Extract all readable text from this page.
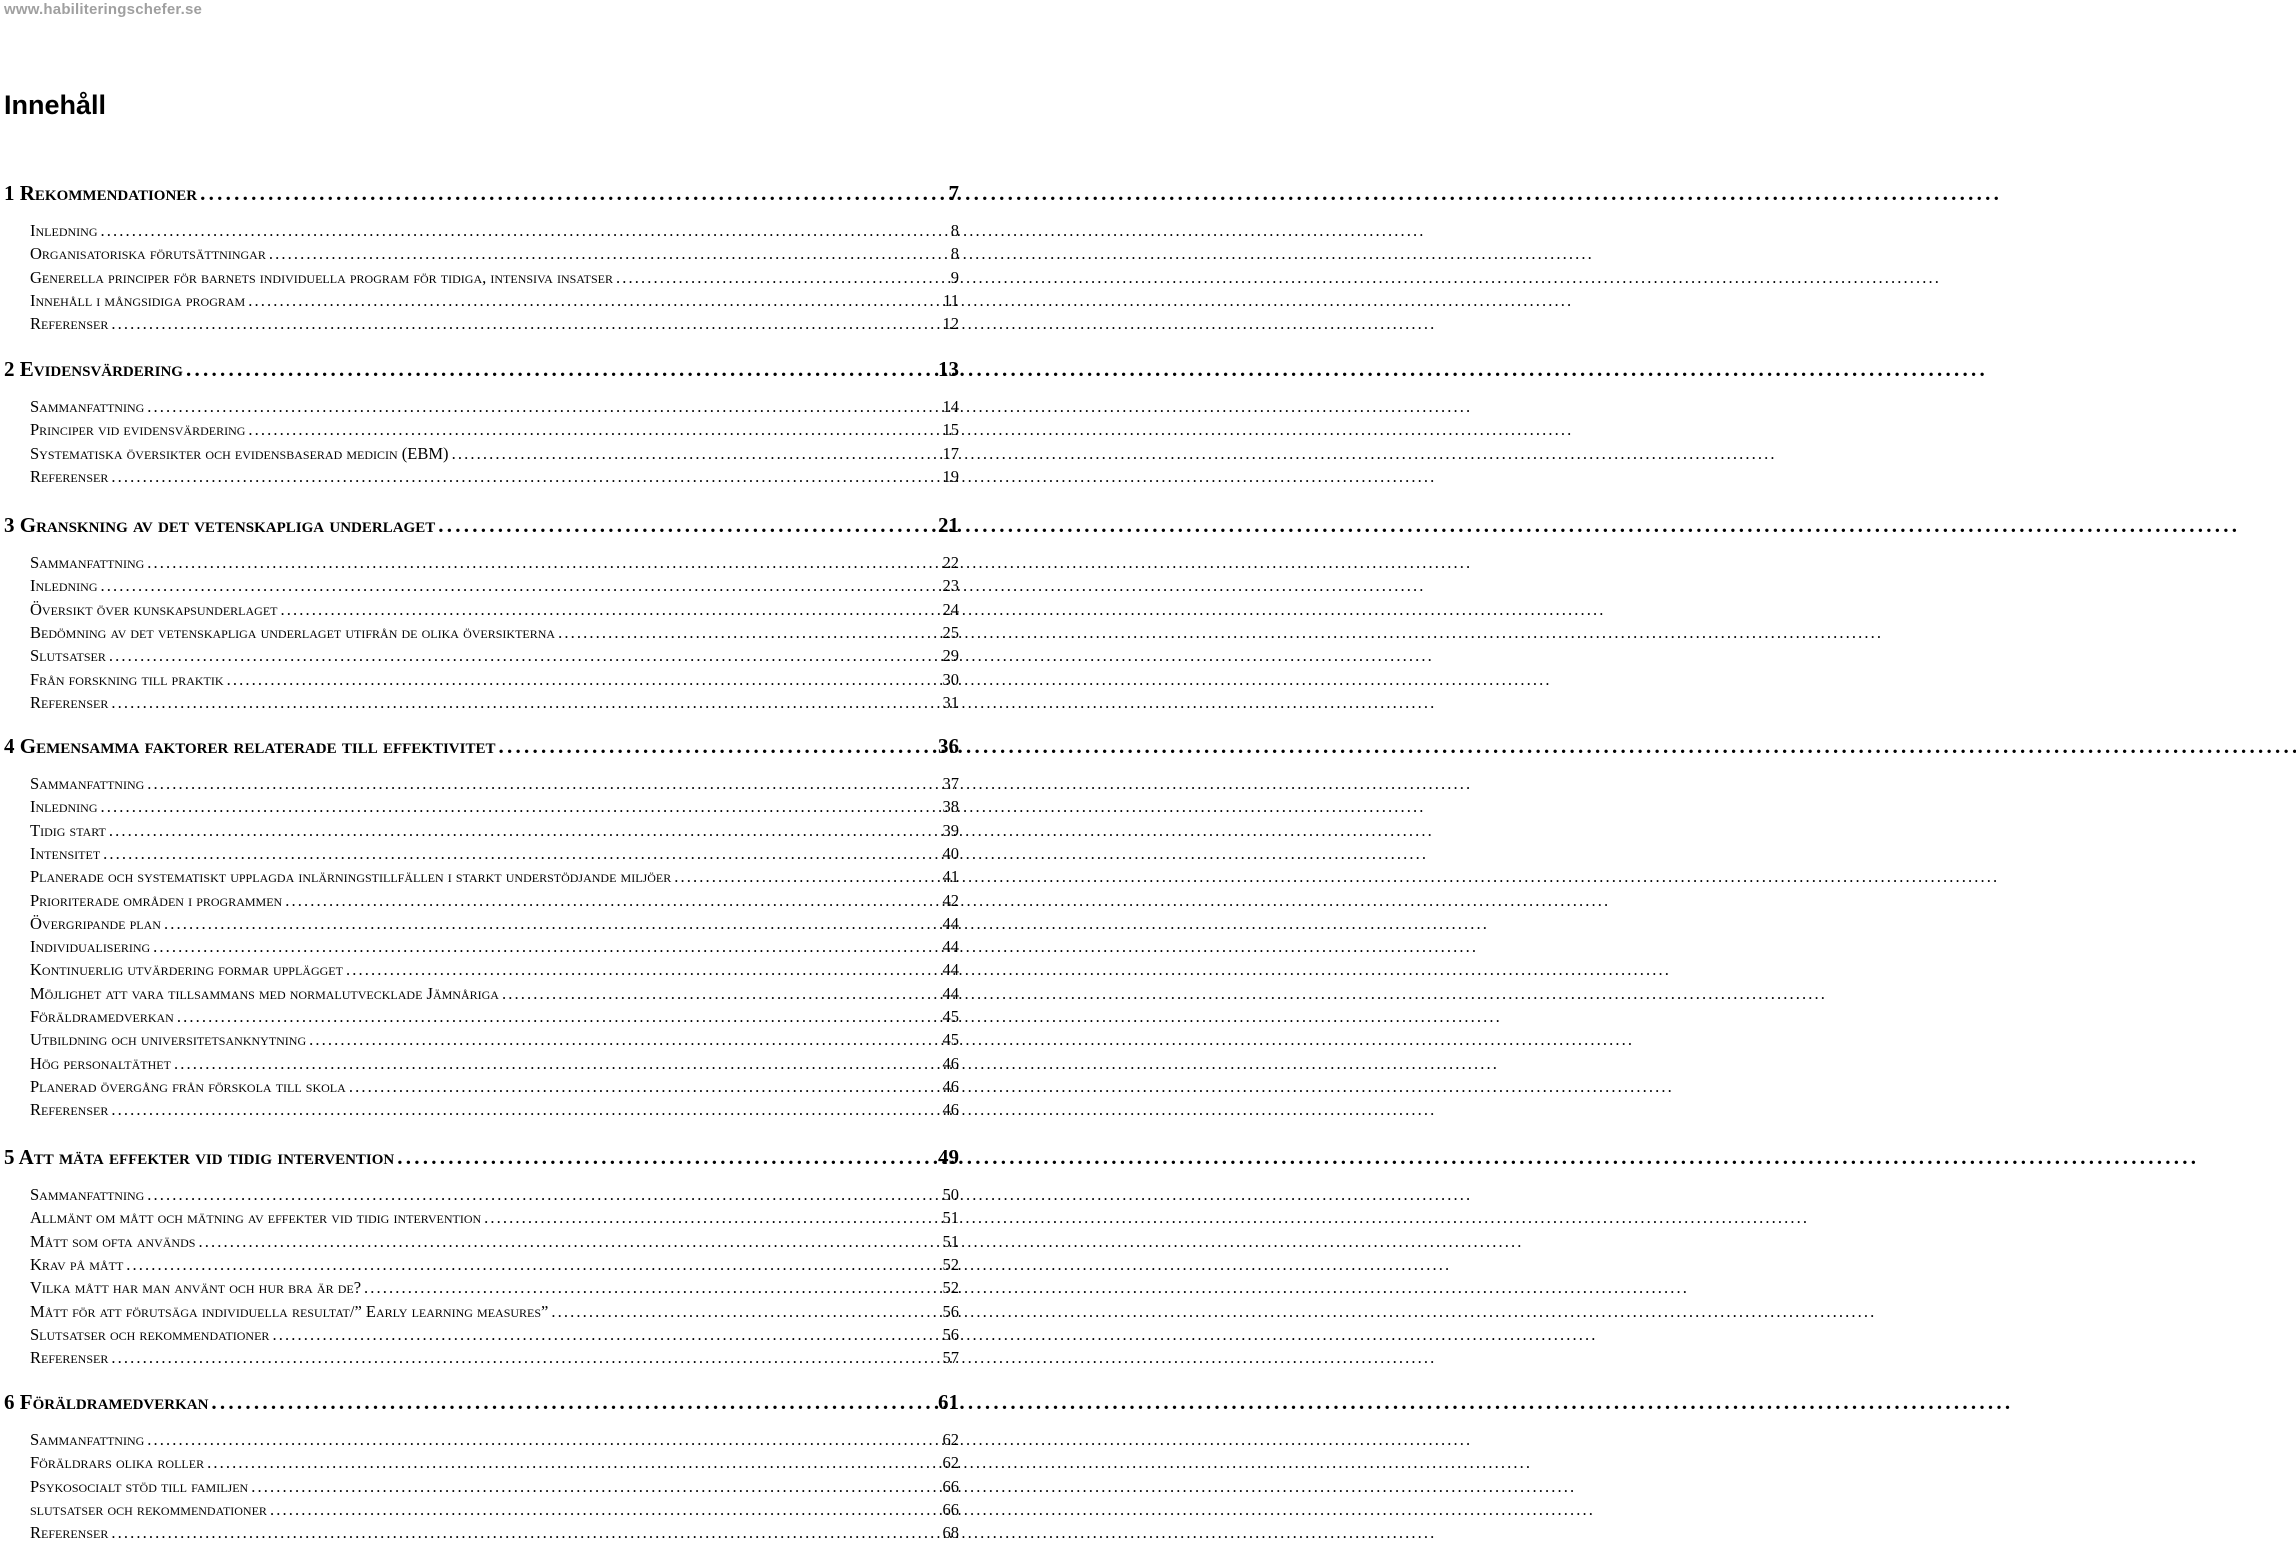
www.habiliteringschefer.se
Innehåll
1 Rekommendationer . . .	7
Inledning . . .	8
Organisatoriska förutsättningar . . .	8
Generella principer för barnets individuella program för tidiga, intensiva insatser . . .	9
Innehåll i mångsidiga program . . .	11
Referenser . . .	12
2 Evidensvärdering . . .	13
Sammanfattning . . .	14
Principer vid evidensvärdering . . .	15
Systematiska översikter och evidensbaserad medicin (EBM) . . .	17
Referenser . . .	19
3 Granskning av det vetenskapliga underlaget . . .	21
Sammanfattning . . .	22
Inledning . . .	23
Översikt över kunskapsunderlaget . . .	24
Bedömning av det vetenskapliga underlaget utifrån de olika översikterna . . .	25
Slutsatser . . .	29
Från forskning till praktik . . .	30
Referenser . . .	31
4 Gemensamma faktorer relaterade till effektivitet . . .	36
Sammanfattning . . .	37
Inledning . . .	38
Tidig start . . .	39
Intensitet . . .	40
Planerade och systematiskt upplagda inlärningstillfällen i starkt understödjande miljöer . . .	41
Prioriterade områden i programmen . . .	42
Övergripande plan . . .	44
Individualisering . . .	44
Kontinuerlig utvärdering formar upplägget . . .	44
Möjlighet att vara tillsammans med normalutvecklade Jämnåriga . . .	44
Föräldramedverkan . . .	45
Utbildning och universitetsanknytning . . .	45
Hög personaltäthet . . .	46
Planerad övergång från förskola till skola . . .	46
Referenser . . .	46
5 Att mäta effekter vid tidig intervention . . .	49
Sammanfattning . . .	50
Allmänt om mått och mätning av effekter vid tidig intervention . . .	51
Mått som ofta används . . .	51
Krav på mått . . .	52
Vilka mått har man använt och hur bra är de? . . .	52
Mått för att förutsäga individuella resultat/” Early learning measures” . . .	56
Slutsatser och rekommendationer . . .	56
Referenser . . .	57
6 Föräldramedverkan . . .	61
Sammanfattning . . .	62
Föräldrars olika roller . . .	62
Psykosocialt stöd till familjen . . .	66
slutsatser och rekommendationer . . .	66
Referenser . . .	68
